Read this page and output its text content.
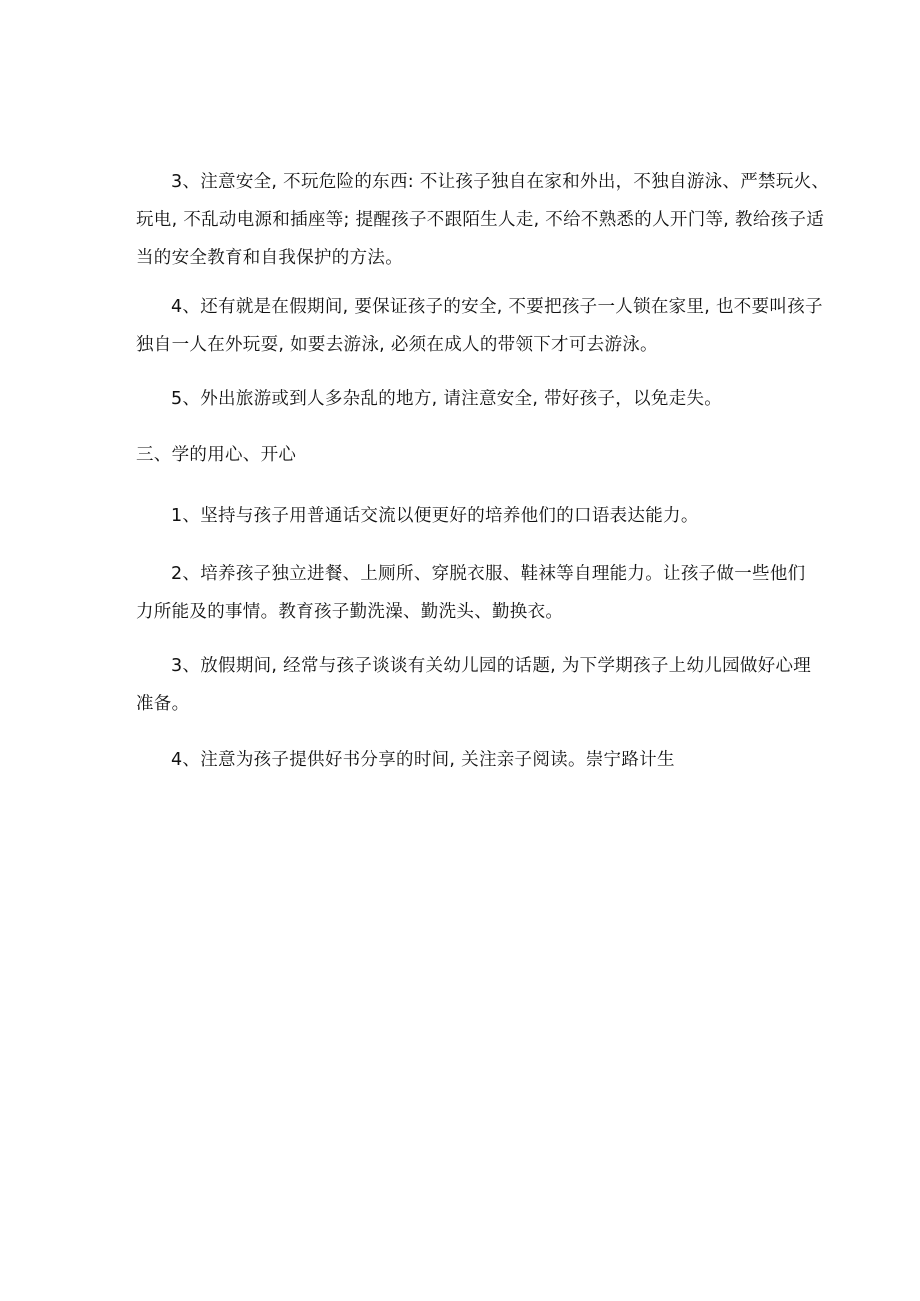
3、注意安全, 不玩危险的东西: 不让孩子独自在家和外出，不独自游泳、严禁玩火、
玩电, 不乱动电源和插座等; 提醒孩子不跟陌生人走, 不给不熟悉的人开门等, 教给孩子适
当的安全教育和自我保护的方法。

4、还有就是在假期间, 要保证孩子的安全, 不要把孩子一人锁在家里, 也不要叫孩子
独自一人在外玩耍, 如要去游泳, 必须在成人的带领下才可去游泳。

5、外出旅游或到人多杂乱的地方, 请注意安全, 带好孩子，以免走失。

三、学的用心、开心

1、坚持与孩子用普通话交流以便更好的培养他们的口语表达能力。

2、培养孩子独立进餐、上厕所、穿脱衣服、鞋袜等自理能力。让孩子做一些他们
力所能及的事情。教育孩子勤洗澡、勤洗头、勤换衣。

3、放假期间, 经常与孩子谈谈有关幼儿园的话题, 为下学期孩子上幼儿园做好心理
准备。

4、注意为孩子提供好书分享的时间, 关注亲子阅读。崇宁路计生
